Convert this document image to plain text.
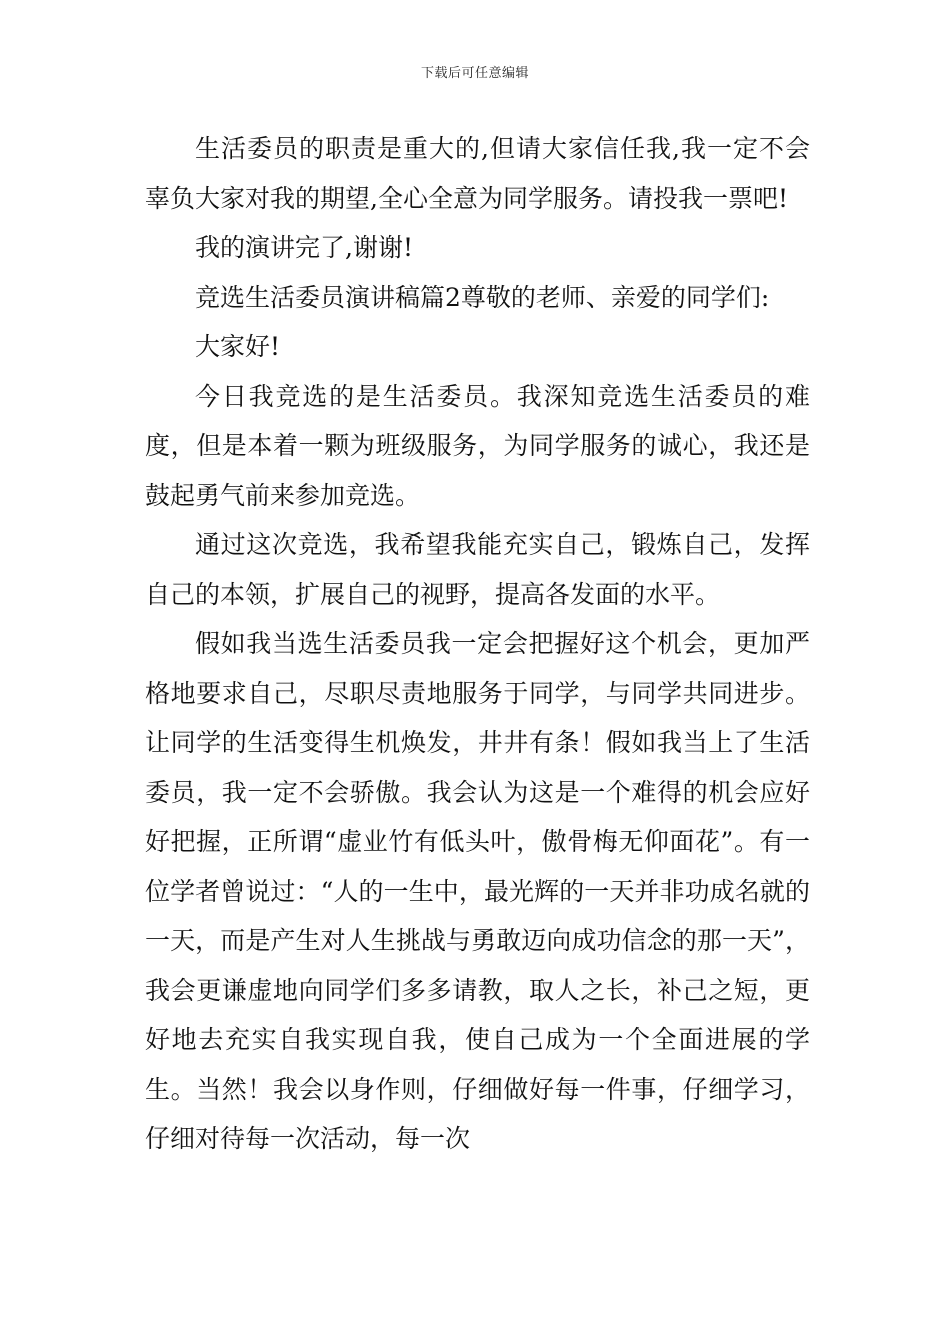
下载后可任意编辑

生活委员的职责是重大的,但请大家信任我,我一定不会辜负大家对我的期望,全心全意为同学服务。请投我一票吧!

我的演讲完了,谢谢!

竞选生活委员演讲稿篇2尊敬的老师、亲爱的同学们:

大家好!

今日我竞选的是生活委员。我深知竞选生活委员的难度，但是本着一颗为班级服务，为同学服务的诚心，我还是鼓起勇气前来参加竞选。

通过这次竞选，我希望我能充实自己，锻炼自己，发挥自己的本领，扩展自己的视野，提高各发面的水平。

假如我当选生活委员我一定会把握好这个机会，更加严格地要求自己，尽职尽责地服务于同学，与同学共同进步。让同学的生活变得生机焕发，井井有条！假如我当上了生活委员，我一定不会骄傲。我会认为这是一个难得的机会应好好把握，正所谓“虚业竹有低头叶，傲骨梅无仰面花”。有一位学者曾说过：“人的一生中，最光辉的一天并非功成名就的一天，而是产生对人生挑战与勇敢迈向成功信念的那一天”，我会更谦虚地向同学们多多请教，取人之长，补己之短，更好地去充实自我实现自我，使自己成为一个全面进展的学生。当然！我会以身作则，仔细做好每一件事，仔细学习，仔细对待每一次活动，每一次
